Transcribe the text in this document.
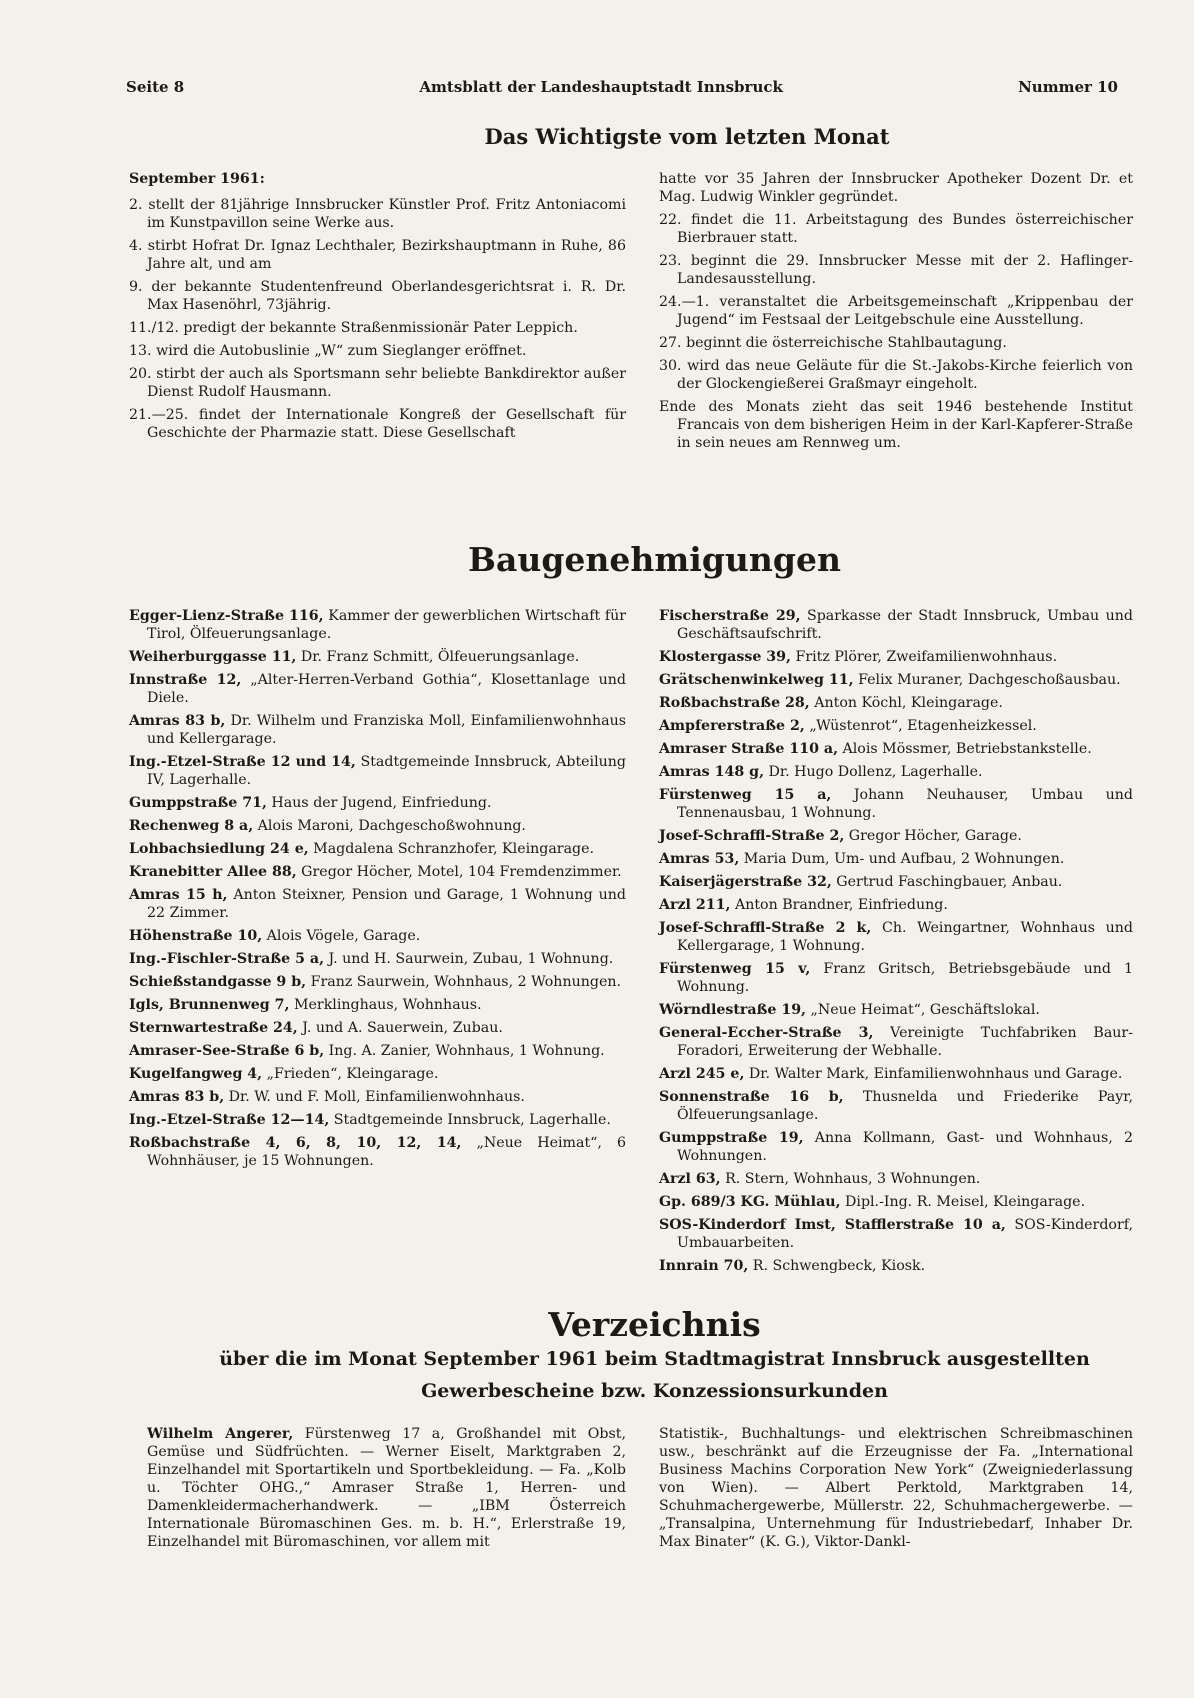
Seite 8	Amtsblatt der Landeshauptstadt Innsbruck	Nummer 10
Das Wichtigste vom letzten Monat

September 1961:

2. stellt der 81jährige Innsbrucker Künstler Prof. Fritz Antoniacomi im Kunstpavillon seine Werke aus.

4. stirbt Hofrat Dr. Ignaz Lechthaler, Bezirkshauptmann in Ruhe, 86 Jahre alt, und am

9. der bekannte Studentenfreund Oberlandesgerichtsrat i. R. Dr. Max Hasenöhrl, 73jährig.

11./12. predigt der bekannte Straßenmissionär Pater Leppich.

13. wird die Autobuslinie „W“ zum Sieglanger eröffnet.

20. stirbt der auch als Sportsmann sehr beliebte Bankdirektor außer Dienst Rudolf Hausmann.

21.—25. findet der Internationale Kongreß der Gesellschaft für Geschichte der Pharmazie statt. Diese Gesellschaft

hatte vor 35 Jahren der Innsbrucker Apotheker Dozent Dr. et Mag. Ludwig Winkler gegründet.

22. findet die 11. Arbeitstagung des Bundes österreichischer Bierbrauer statt.

23. beginnt die 29. Innsbrucker Messe mit der 2. Haflinger-Landesausstellung.

24.—1. veranstaltet die Arbeitsgemeinschaft „Krippenbau der Jugend“ im Festsaal der Leitgebschule eine Ausstellung.

27. beginnt die österreichische Stahlbautagung.

30. wird das neue Geläute für die St.-Jakobs-Kirche feierlich von der Glockengießerei Graßmayr eingeholt.

Ende des Monats zieht das seit 1946 bestehende Institut Francais von dem bisherigen Heim in der Karl-Kapferer-Straße in sein neues am Rennweg um.

Baugenehmigungen

Egger-Lienz-Straße 116, Kammer der gewerblichen Wirtschaft für Tirol, Ölfeuerungsanlage.

Weiherburggasse 11, Dr. Franz Schmitt, Ölfeuerungsanlage.

Innstraße 12, „Alter-Herren-Verband Gothia“, Klosettanlage und Diele.

Amras 83 b, Dr. Wilhelm und Franziska Moll, Einfamilienwohnhaus und Kellergarage.

Ing.-Etzel-Straße 12 und 14, Stadtgemeinde Innsbruck, Abteilung IV, Lagerhalle.

Gumppstraße 71, Haus der Jugend, Einfriedung.

Rechenweg 8 a, Alois Maroni, Dachgeschoßwohnung.

Lohbachsiedlung 24 e, Magdalena Schranzhofer, Kleingarage.

Kranebitter Allee 88, Gregor Höcher, Motel, 104 Fremdenzimmer.

Amras 15 h, Anton Steixner, Pension und Garage, 1 Wohnung und 22 Zimmer.

Höhenstraße 10, Alois Vögele, Garage.

Ing.-Fischler-Straße 5 a, J. und H. Saurwein, Zubau, 1 Wohnung.

Schießstandgasse 9 b, Franz Saurwein, Wohnhaus, 2 Wohnungen.

Igls, Brunnenweg 7, Merklinghaus, Wohnhaus.

Sternwartestraße 24, J. und A. Sauerwein, Zubau.

Amraser-See-Straße 6 b, Ing. A. Zanier, Wohnhaus, 1 Wohnung.

Kugelfangweg 4, „Frieden“, Kleingarage.

Amras 83 b, Dr. W. und F. Moll, Einfamilienwohnhaus.

Ing.-Etzel-Straße 12—14, Stadtgemeinde Innsbruck, Lagerhalle.

Roßbachstraße 4, 6, 8, 10, 12, 14, „Neue Heimat“, 6 Wohnhäuser, je 15 Wohnungen.

Fischerstraße 29, Sparkasse der Stadt Innsbruck, Umbau und Geschäftsaufschrift.

Klostergasse 39, Fritz Plörer, Zweifamilienwohnhaus.

Grätschenwinkelweg 11, Felix Muraner, Dachgeschoßausbau.

Roßbachstraße 28, Anton Köchl, Kleingarage.

Ampfererstraße 2, „Wüstenrot“, Etagenheizkessel.

Amraser Straße 110 a, Alois Mössmer, Betriebstankstelle.

Amras 148 g, Dr. Hugo Dollenz, Lagerhalle.

Fürstenweg 15 a, Johann Neuhauser, Umbau und Tennenausbau, 1 Wohnung.

Josef-Schraffl-Straße 2, Gregor Höcher, Garage.

Amras 53, Maria Dum, Um- und Aufbau, 2 Wohnungen.

Kaiserjägerstraße 32, Gertrud Faschingbauer, Anbau.

Arzl 211, Anton Brandner, Einfriedung.

Josef-Schraffl-Straße 2 k, Ch. Weingartner, Wohnhaus und Kellergarage, 1 Wohnung.

Fürstenweg 15 v, Franz Gritsch, Betriebsgebäude und 1 Wohnung.

Wörndlestraße 19, „Neue Heimat“, Geschäftslokal.

General-Eccher-Straße 3, Vereinigte Tuchfabriken Baur-Foradori, Erweiterung der Webhalle.

Arzl 245 e, Dr. Walter Mark, Einfamilienwohnhaus und Garage.

Sonnenstraße 16 b, Thusnelda und Friederike Payr, Ölfeuerungsanlage.

Gumppstraße 19, Anna Kollmann, Gast- und Wohnhaus, 2 Wohnungen.

Arzl 63, R. Stern, Wohnhaus, 3 Wohnungen.

Gp. 689/3 KG. Mühlau, Dipl.-Ing. R. Meisel, Kleingarage.

SOS-Kinderdorf Imst, Stafflerstraße 10 a, SOS-Kinderdorf, Umbauarbeiten.

Innrain 70, R. Schwengbeck, Kiosk.

Verzeichnis
über die im Monat September 1961 beim Stadtmagistrat Innsbruck ausgestellten
Gewerbescheine bzw. Konzessionsurkunden

Wilhelm Angerer, Fürstenweg 17 a, Großhandel mit Obst, Gemüse und Südfrüchten. — Werner Eiselt, Marktgraben 2, Einzelhandel mit Sportartikeln und Sportbekleidung. — Fa. „Kolb u. Töchter OHG.,“ Amraser Straße 1, Herren- und Damenkleidermacherhandwerk. — „IBM Österreich Internationale Büromaschinen Ges. m. b. H.“, Erlerstraße 19, Einzelhandel mit Büromaschinen, vor allem mit

Statistik-, Buchhaltungs- und elektrischen Schreibmaschinen usw., beschränkt auf die Erzeugnisse der Fa. „International Business Machins Corporation New York“ (Zweigniederlassung von Wien). — Albert Perktold, Marktgraben 14, Schuhmachergewerbe, Müllerstr. 22, Schuhmachergewerbe. — „Transalpina, Unternehmung für Industriebedarf, Inhaber Dr. Max Binater“ (K. G.), Viktor-Dankl-
